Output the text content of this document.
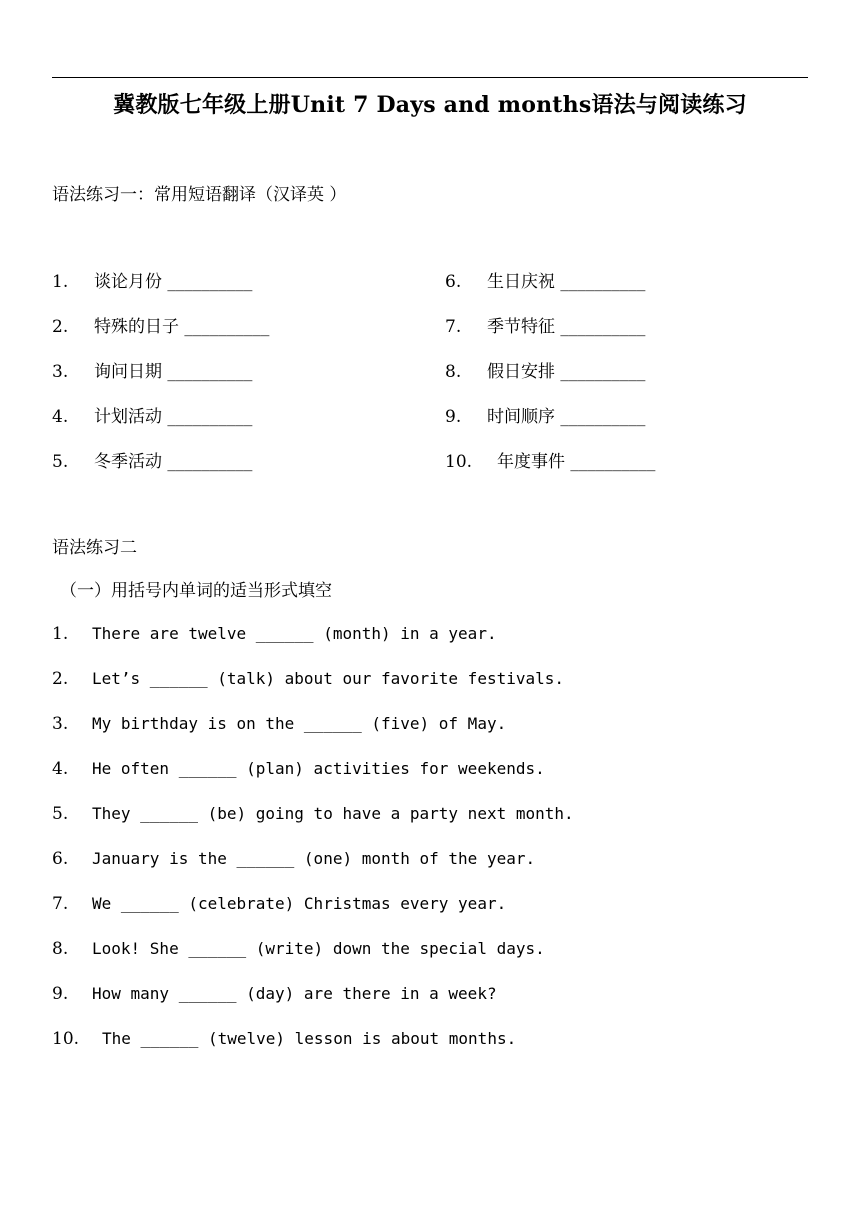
冀教版七年级上册Unit 7 Days and months语法与阅读练习
语法练习一：常用短语翻译（汉译英 ）
1. 谈论月份 __________
2. 特殊的日子 __________
3. 询问日期 __________
4. 计划活动 __________
5. 冬季活动 __________
6. 生日庆祝 __________
7. 季节特征 __________
8. 假日安排 __________
9. 时间顺序 __________
10. 年度事件 __________
语法练习二
（一）用括号内单词的适当形式填空
1. There are twelve ______ (month) in a year.
2. Let’s ______ (talk) about our favorite festivals.
3. My birthday is on the ______ (five) of May.
4. He often ______ (plan) activities for weekends.
5. They ______ (be) going to have a party next month.
6. January is the ______ (one) month of the year.
7. We ______ (celebrate) Christmas every year.
8. Look! She ______ (write) down the special days.
9. How many ______ (day) are there in a week?
10. The ______ (twelve) lesson is about months.
